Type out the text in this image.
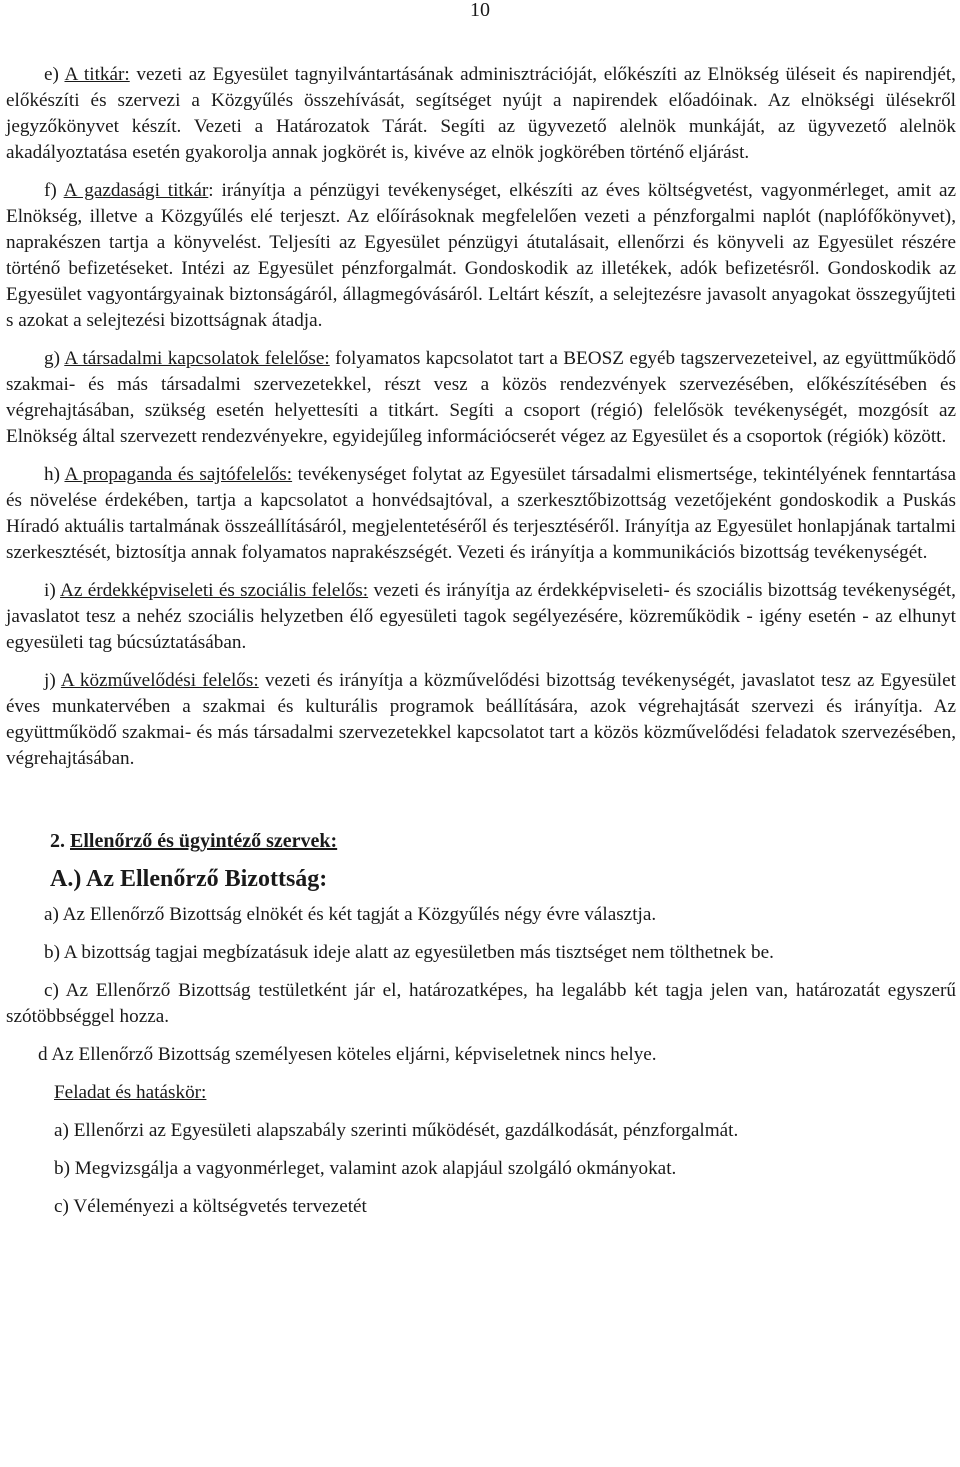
10

e) A titkár: vezeti az Egyesület tagnyilvántartásának adminisztrációját, előkészíti az Elnökség üléseit és napirendjét, előkészíti és szervezi a Közgyűlés összehívását, segítséget nyújt a napirendek előadóinak. Az elnökségi ülésekről jegyzőkönyvet készít. Vezeti a Határozatok Tárát. Segíti az ügyvezető alelnök munkáját, az ügyvezető alelnök akadályoztatása esetén gyakorolja annak jogkörét is, kivéve az elnök jogkörében történő eljárást.

f) A gazdasági titkár: irányítja a pénzügyi tevékenységet, elkészíti az éves költségvetést, vagyonmérleget, amit az Elnökség, illetve a Közgyűlés elé terjeszt. Az előírásoknak megfelelően vezeti a pénzforgalmi naplót (naplófőkönyvet), naprakészen tartja a könyvelést. Teljesíti az Egyesület pénzügyi átutalásait, ellenőrzi és könyveli az Egyesület részére történő befizetéseket. Intézi az Egyesület pénzforgalmát. Gondoskodik az illetékek, adók befizetésről. Gondoskodik az Egyesület vagyontárgyainak biztonságáról, állagmegóvásáról. Leltárt készít, a selejtezésre javasolt anyagokat összegyűjteti s azokat a selejtezési bizottságnak átadja.

g) A társadalmi kapcsolatok felelőse: folyamatos kapcsolatot tart a BEOSZ egyéb tagszervezeteivel, az együttműködő szakmai- és más társadalmi szervezetekkel, részt vesz a közös rendezvények szervezésében, előkészítésében és végrehajtásában, szükség esetén helyettesíti a titkárt. Segíti a csoport (régió) felelősök tevékenységét, mozgósít az Elnökség által szervezett rendezvényekre, egyidejűleg információcserét végez az Egyesület és a csoportok (régiók) között.

h) A propaganda és sajtófelelős: tevékenységet folytat az Egyesület társadalmi elismertsége, tekintélyének fenntartása és növelése érdekében, tartja a kapcsolatot a honvédsajtóval, a szerkesztőbizottság vezetőjeként gondoskodik a Puskás Híradó aktuális tartalmának összeállításáról, megjelentetéséről és terjesztéséről. Irányítja az Egyesület honlapjának tartalmi szerkesztését, biztosítja annak folyamatos naprakészségét. Vezeti és irányítja a kommunikációs bizottság tevékenységét.

i) Az érdekképviseleti és szociális felelős: vezeti és irányítja az érdekképviseleti- és szociális bizottság tevékenységét, javaslatot tesz a nehéz szociális helyzetben élő egyesületi tagok segélyezésére, közreműködik - igény esetén - az elhunyt egyesületi tag búcsúztatásában.

j) A közművelődési felelős: vezeti és irányítja a közművelődési bizottság tevékenységét, javaslatot tesz az Egyesület éves munkatervében a szakmai és kulturális programok beállítására, azok végrehajtását szervezi és irányítja. Az együttműködő szakmai- és más társadalmi szervezetekkel kapcsolatot tart a közös közművelődési feladatok szervezésében, végrehajtásában.

2. Ellenőrző és ügyintéző szervek:
A.) Az Ellenőrző Bizottság:

a) Az Ellenőrző Bizottság elnökét és két tagját a Közgyűlés négy évre választja.

b) A bizottság tagjai megbízatásuk ideje alatt az egyesületben más tisztséget nem tölthetnek be.

c) Az Ellenőrző Bizottság testületként jár el, határozatképes, ha legalább két tagja jelen van, határozatát egyszerű szótöbbséggel hozza.

d Az Ellenőrző Bizottság személyesen köteles eljárni, képviseletnek nincs helye.

Feladat és hatáskör:

a) Ellenőrzi az Egyesületi alapszabály szerinti működését, gazdálkodását, pénzforgalmát.

b) Megvizsgálja a vagyonmérleget, valamint azok alapjául szolgáló okmányokat.

c) Véleményezi a költségvetés tervezetét
